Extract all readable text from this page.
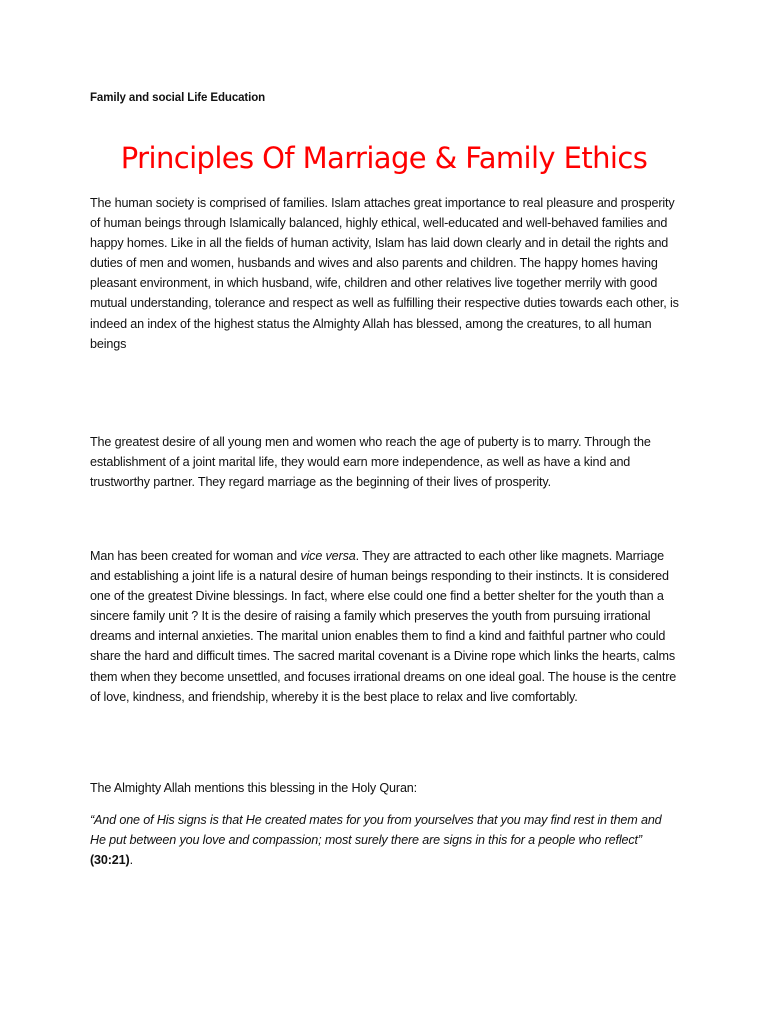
Family and social Life Education
Principles Of Marriage & Family Ethics

The human society is comprised of families. Islam attaches great importance to real pleasure and prosperity of human beings through Islamically balanced, highly ethical, well-educated and well-behaved families and happy homes. Like in all the fields of human activity, Islam has laid down clearly and in detail the rights and duties of men and women, husbands and wives and also parents and children. The happy homes having pleasant environment, in which husband, wife, children and other relatives live together merrily with good mutual understanding, tolerance and respect as well as fulfilling their respective duties towards each other, is indeed an index of the highest status the Almighty Allah has blessed, among the creatures, to all human beings

The greatest desire of all young men and women who reach the age of puberty is to marry. Through the establishment of a joint marital life, they would earn more independence, as well as have a kind and trustworthy partner. They regard marriage as the beginning of their lives of prosperity.

Man has been created for woman and vice versa. They are attracted to each other like magnets. Marriage and establishing a joint life is a natural desire of human beings responding to their instincts. It is considered one of the greatest Divine blessings. In fact, where else could one find a better shelter for the youth than a sincere family unit ? It is the desire of raising a family which preserves the youth from pursuing irrational dreams and internal anxieties. The marital union enables them to find a kind and faithful partner who could share the hard and difficult times. The sacred marital covenant is a Divine rope which links the hearts, calms them when they become unsettled, and focuses irrational dreams on one ideal goal. The house is the centre of love, kindness, and friendship, whereby it is the best place to relax and live comfortably.

The Almighty Allah mentions this blessing in the Holy Quran:

“And one of His signs is that He created mates for you from yourselves that you may find rest in them and He put between you love and compassion; most surely there are signs in this for a people who reflect” (30:21).
